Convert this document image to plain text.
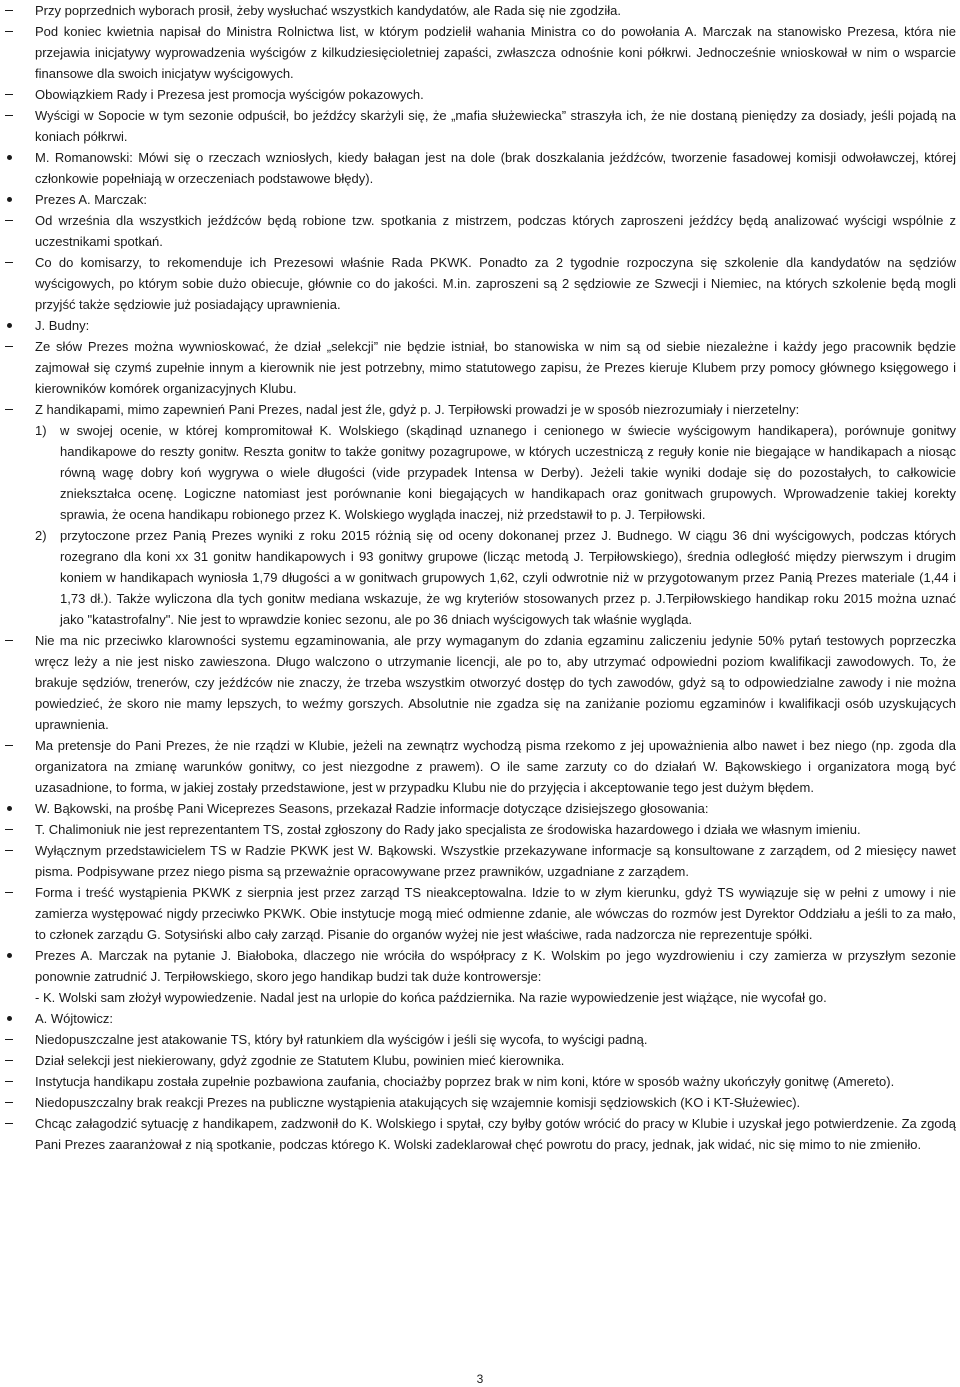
Przy poprzednich wyborach prosił, żeby wysłuchać wszystkich kandydatów, ale Rada się nie zgodziła.
Pod koniec kwietnia napisał do Ministra Rolnictwa list, w którym podzielił wahania Ministra co do powołania A. Marczak na stanowisko Prezesa, która nie przejawia inicjatywy wyprowadzenia wyścigów z kilkudziesięcioletniej zapaści, zwłaszcza odnośnie koni półkrwi. Jednocześnie wnioskował w nim o wsparcie finansowe dla swoich inicjatyw wyścigowych.
Obowiązkiem Rady i Prezesa jest promocja wyścigów pokazowych.
Wyścigi w Sopocie w tym sezonie odpuścił, bo jeźdźcy skarżyli się, że „mafia służewiecka” straszyła ich, że nie dostaną pieniędzy za dosiady, jeśli pojadą na koniach półkrwi.
M. Romanowski: Mówi się o rzeczach wzniosłych, kiedy bałagan jest na dole (brak doszkalania jeźdźców, tworzenie fasadowej komisji odwoławczej, której członkowie popełniają w orzeczeniach podstawowe błędy).
Prezes A. Marczak:
Od września dla wszystkich jeźdźców będą robione tzw. spotkania z mistrzem, podczas których zaproszeni jeźdźcy będą analizować wyścigi wspólnie z uczestnikami spotkań.
Co do komisarzy, to rekomenduje ich Prezesowi właśnie Rada PKWK. Ponadto za 2 tygodnie rozpoczyna się szkolenie dla kandydatów na sędziów wyścigowych, po którym sobie dużo obiecuje, głównie co do jakości. M.in. zaproszeni są 2 sędziowie ze Szwecji i Niemiec, na których szkolenie będą mogli przyjść także sędziowie już posiadający uprawnienia.
J. Budny:
Ze słów Prezes można wywnioskować, że dział „selekcji” nie będzie istniał, bo stanowiska w nim są od siebie niezależne i każdy jego pracownik będzie zajmował się czymś zupełnie innym a kierownik nie jest potrzebny, mimo statutowego zapisu, że Prezes kieruje Klubem przy pomocy głównego księgowego i kierowników komórek organizacyjnych Klubu.
Z handikapami, mimo zapewnień Pani Prezes, nadal jest źle, gdyż p. J. Terpiłowski prowadzi je w sposób niezrozumiały i nierzetelny:
1) w swojej ocenie, w której kompromitował K. Wolskiego (skądinąd uznanego i cenionego w świecie wyścigowym handikapera), porównuje gonitwy handikapowe do reszty gonitw. Reszta gonitw to także gonitwy pozagrupowe, w których uczestniczą z reguły konie nie biegające w handikapach a niosąc równą wagę dobry koń wygrywa o wiele długości (vide przypadek Intensa w Derby). Jeżeli takie wyniki dodaje się do pozostałych, to całkowicie zniekształca ocenę. Logiczne natomiast jest porównanie koni biegających w handikapach oraz gonitwach grupowych. Wprowadzenie takiej korekty sprawia, że ocena handikapu robionego przez K. Wolskiego wygląda inaczej, niż przedstawił to p. J. Terpiłowski.
2) przytoczone przez Panią Prezes wyniki z roku 2015 różnią się od oceny dokonanej przez J. Budnego. W ciągu 36 dni wyścigowych, podczas których rozegrano dla koni xx 31 gonitw handikapowych i 93 gonitwy grupowe (licząc metodą J. Terpiłowskiego), średnia odległość między pierwszym i drugim koniem w handikapach wyniosła 1,79 długości a w gonitwach grupowych 1,62, czyli odwrotnie niż w przygotowanym przez Panią Prezes materiale (1,44 i 1,73 dł.). Także wyliczona dla tych gonitw mediana wskazuje, że wg kryteriów stosowanych przez p. J.Terpiłowskiego handikap roku 2015 można uznać jako "katastrofalny". Nie jest to wprawdzie koniec sezonu, ale po 36 dniach wyścigowych tak właśnie wygląda.
Nie ma nic przeciwko klarowności systemu egzaminowania, ale przy wymaganym do zdania egzaminu zaliczeniu jedynie 50% pytań testowych poprzeczka wręcz leży a nie jest nisko zawieszona. Długo walczono o utrzymanie licencji, ale po to, aby utrzymać odpowiedni poziom kwalifikacji zawodowych. To, że brakuje sędziów, trenerów, czy jeźdźców nie znaczy, że trzeba wszystkim otworzyć dostęp do tych zawodów, gdyż są to odpowiedzialne zawody i nie można powiedzieć, że skoro nie mamy lepszych, to weźmy gorszych. Absolutnie nie zgadza się na zaniżanie poziomu egzaminów i kwalifikacji osób uzyskujących uprawnienia.
Ma pretensje do Pani Prezes, że nie rządzi w Klubie, jeżeli na zewnątrz wychodzą pisma rzekomo z jej upoważnienia albo nawet i bez niego (np. zgoda dla organizatora na zmianę warunków gonitwy, co jest niezgodne z prawem). O ile same zarzuty co do działań W. Bąkowskiego i organizatora mogą być uzasadnione, to forma, w jakiej zostały przedstawione, jest w przypadku Klubu nie do przyjęcia i akceptowanie tego jest dużym błędem.
W. Bąkowski, na prośbę Pani Wiceprezes Seasons, przekazał Radzie informacje dotyczące dzisiejszego głosowania:
T. Chalimoniuk nie jest reprezentantem TS, został zgłoszony do Rady jako specjalista ze środowiska hazardowego i działa we własnym imieniu.
Wyłącznym przedstawicielem TS w Radzie PKWK jest W. Bąkowski. Wszystkie przekazywane informacje są konsultowane z zarządem, od 2 miesięcy nawet pisma. Podpisywane przez niego pisma są przeważnie opracowywane przez prawników, uzgadniane z zarządem.
Forma i treść wystąpienia PKWK z sierpnia jest przez zarząd TS nieakceptowalna. Idzie to w złym kierunku, gdyż TS wywiązuje się w pełni z umowy i nie zamierza występować nigdy przeciwko PKWK. Obie instytucje mogą mieć odmienne zdanie, ale wówczas do rozmów jest Dyrektor Oddziału a jeśli to za mało, to członek zarządu G. Sotysiński albo cały zarząd. Pisanie do organów wyżej nie jest właściwe, rada nadzorcza nie reprezentuje spółki.
Prezes A. Marczak na pytanie J. Białoboka, dlaczego nie wróciła do współpracy z K. Wolskim po jego wyzdrowieniu i czy zamierza w przyszłym sezonie ponownie zatrudnić J. Terpiłowskiego, skoro jego handikap budzi tak duże kontrowersje:
- K. Wolski sam złożył wypowiedzenie. Nadal jest na urlopie do końca października. Na razie wypowiedzenie jest wiążące, nie wycofał go.
A. Wójtowicz:
Niedopuszczalne jest atakowanie TS, który był ratunkiem dla wyścigów i jeśli się wycofa, to wyścigi padną.
Dział selekcji jest niekierowany, gdyż zgodnie ze Statutem Klubu, powinien mieć kierownika.
Instytucja handikapu została zupełnie pozbawiona zaufania, chociażby poprzez brak w nim koni, które w sposób ważny ukończyły gonitwę (Amereto).
Niedopuszczalny brak reakcji Prezes na publiczne wystąpienia atakujących się wzajemnie komisji sędziowskich (KO i KT-Służewiec).
Chcąc załagodzić sytuację z handikapem, zadzwonił do K. Wolskiego i spytał, czy byłby gotów wrócić do pracy w Klubie i uzyskał jego potwierdzenie. Za zgodą Pani Prezes zaaranżował z nią spotkanie, podczas którego K. Wolski zadeklarował chęć powrotu do pracy, jednak, jak widać, nic się mimo to nie zmieniło.
3
